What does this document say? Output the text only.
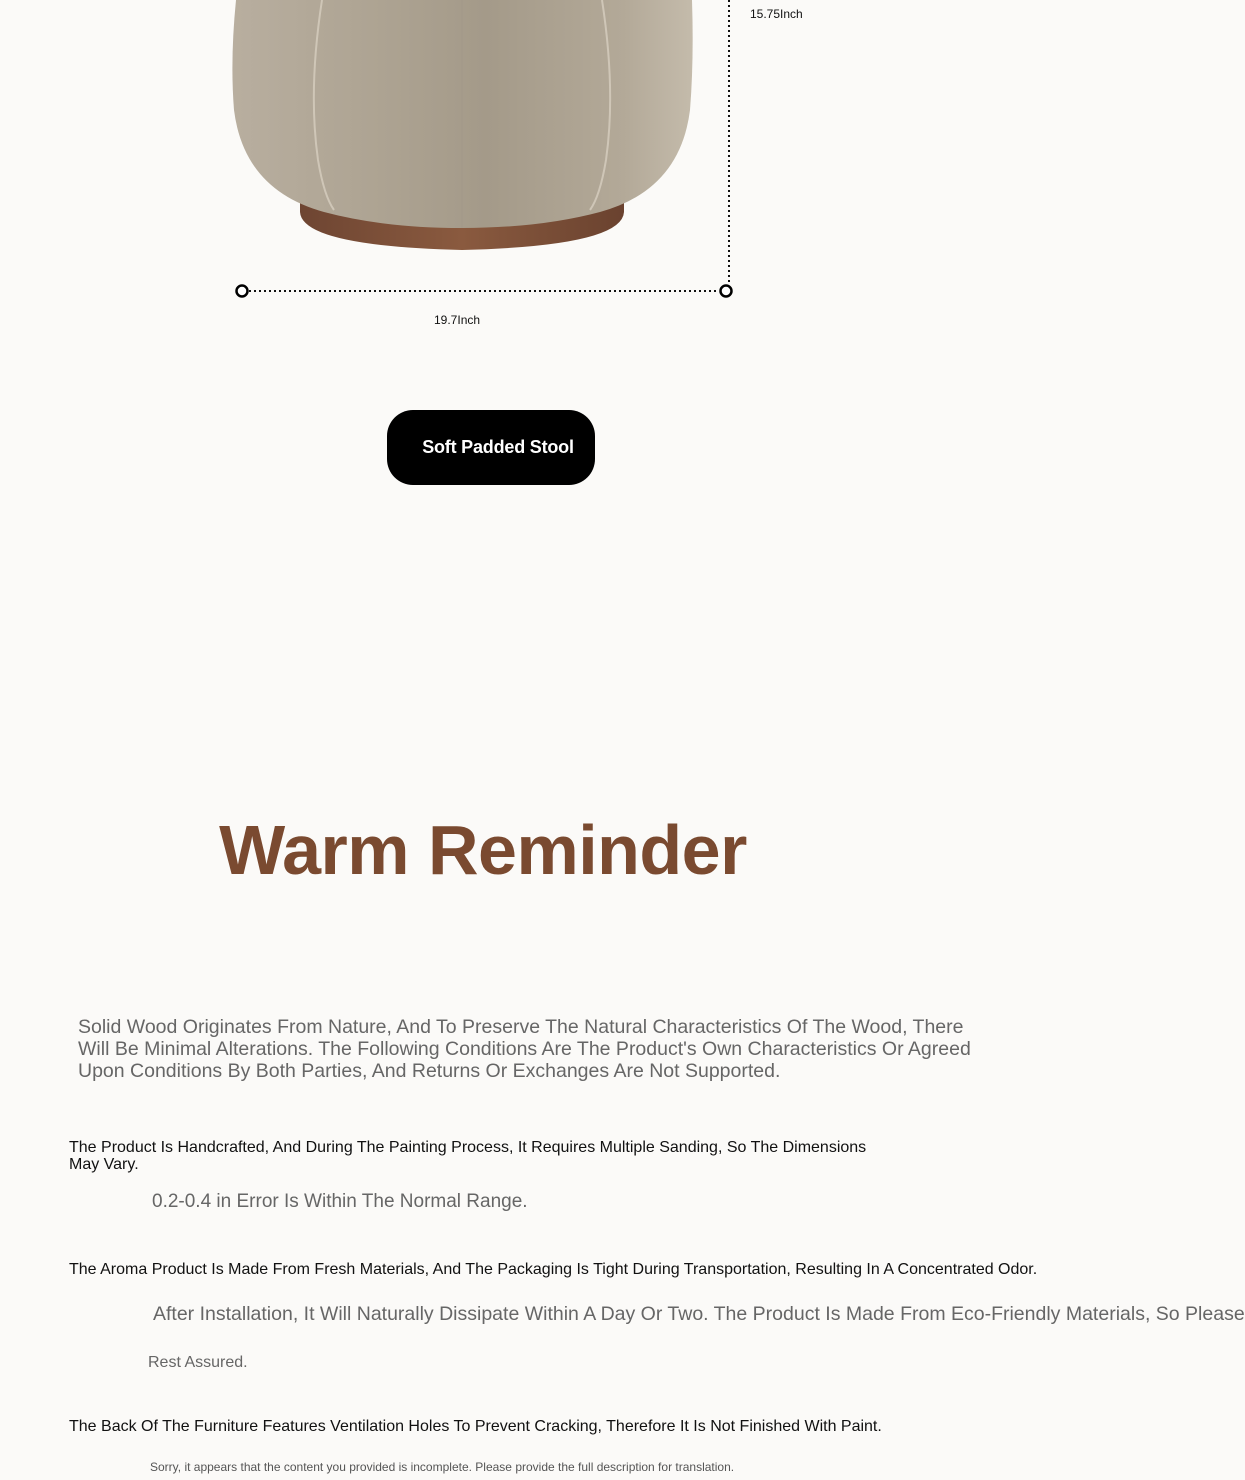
15.75Inch
19.7Inch
Soft Padded Stool
Warm Reminder

Solid Wood Originates From Nature, And To Preserve The Natural Characteristics Of The Wood, There Will Be Minimal Alterations. The Following Conditions Are The Product's Own Characteristics Or Agreed Upon Conditions By Both Parties, And Returns Or Exchanges Are Not Supported.

The Product Is Handcrafted, And During The Painting Process, It Requires Multiple Sanding, So The Dimensions May Vary.

0.2-0.4 in Error Is Within The Normal Range.

The Aroma Product Is Made From Fresh Materials, And The Packaging Is Tight During Transportation, Resulting In A Concentrated Odor.

After Installation, It Will Naturally Dissipate Within A Day Or Two. The Product Is Made From Eco-Friendly Materials, So Please

Rest Assured.

The Back Of The Furniture Features Ventilation Holes To Prevent Cracking, Therefore It Is Not Finished With Paint.

Sorry, it appears that the content you provided is incomplete. Please provide the full description for translation.
